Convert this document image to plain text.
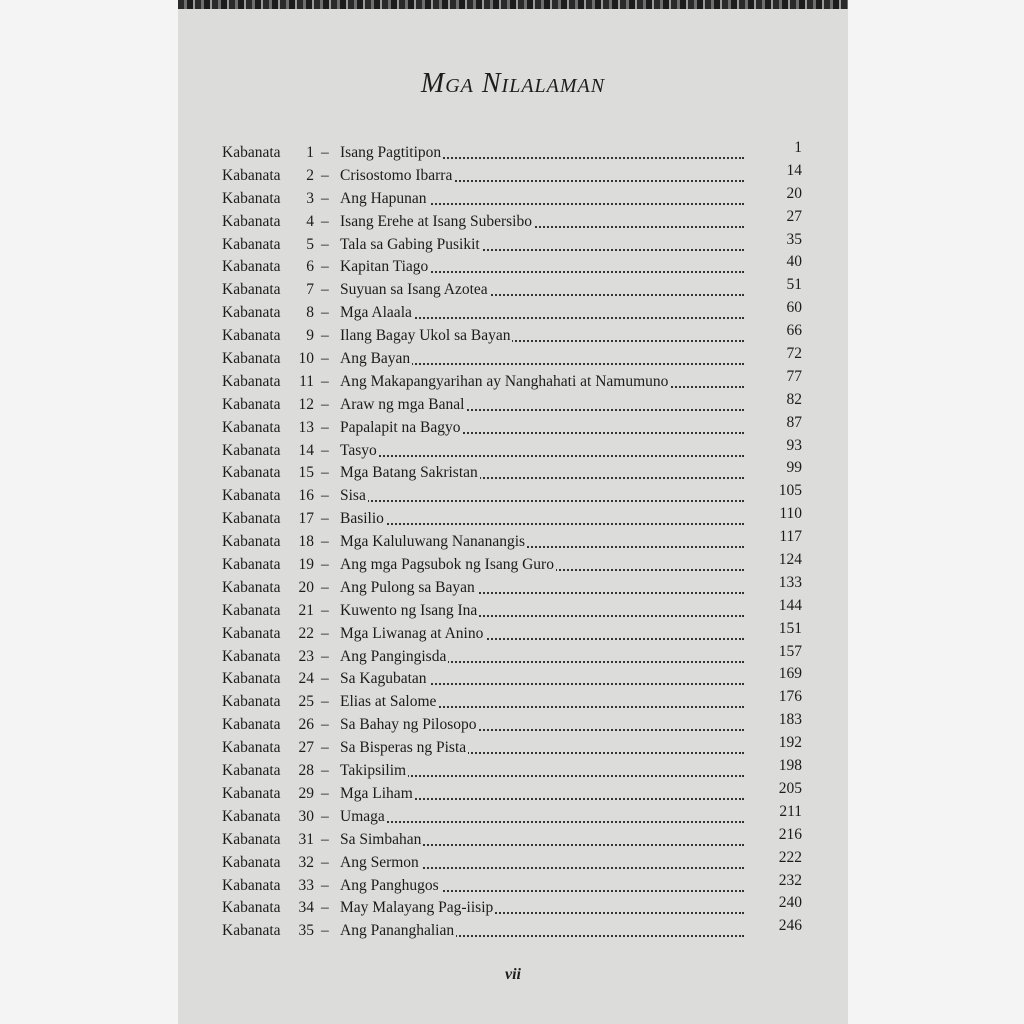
Mga Nilalaman
Kabanata	1 – Isang Pagtitipon	1
Kabanata	2 – Crisostomo Ibarra	14
Kabanata	3 – Ang Hapunan	20
Kabanata	4 – Isang Erehe at Isang Subersibo	27
Kabanata	5 – Tala sa Gabing Pusikit	35
Kabanata	6 – Kapitan Tiago	40
Kabanata	7 – Suyuan sa Isang Azotea	51
Kabanata	8 – Mga Alaala	60
Kabanata	9 – Ilang Bagay Ukol sa Bayan	66
Kabanata 10 – Ang Bayan	72
Kabanata	11 – Ang Makapangyarihan ay Nanghahati at Namumuno	77
Kabanata 12 – Araw ng mga Banal	82
Kabanata 13 – Papalapit na Bagyo	87
Kabanata 14 – Tasyo	93
Kabanata 15 – Mga Batang Sakristan	99
Kabanata 16 – Sisa	105
Kabanata 17 – Basilio	110
Kabanata 18 – Mga Kaluluwang Nananangis	117
Kabanata 19 – Ang mga Pagsubok ng Isang Guro	124
Kabanata 20 – Ang Pulong sa Bayan	133
Kabanata 21 – Kuwento ng Isang Ina	144
Kabanata 22 – Mga Liwanag at Anino	151
Kabanata 23 – Ang Pangingisda	157
Kabanata 24 – Sa Kagubatan	169
Kabanata 25 – Elias at Salome	176
Kabanata 26 – Sa Bahay ng Pilosopo	183
Kabanata 27 – Sa Bisperas ng Pista	192
Kabanata 28 – Takipsilim	198
Kabanata 29 – Mga Liham	205
Kabanata 30 – Umaga	211
Kabanata 31 – Sa Simbahan	216
Kabanata 32 – Ang Sermon	222
Kabanata 33 – Ang Panghugos	232
Kabanata 34 – May Malayang Pag-iisip	240
Kabanata 35 – Ang Pananghalian	246
vii
